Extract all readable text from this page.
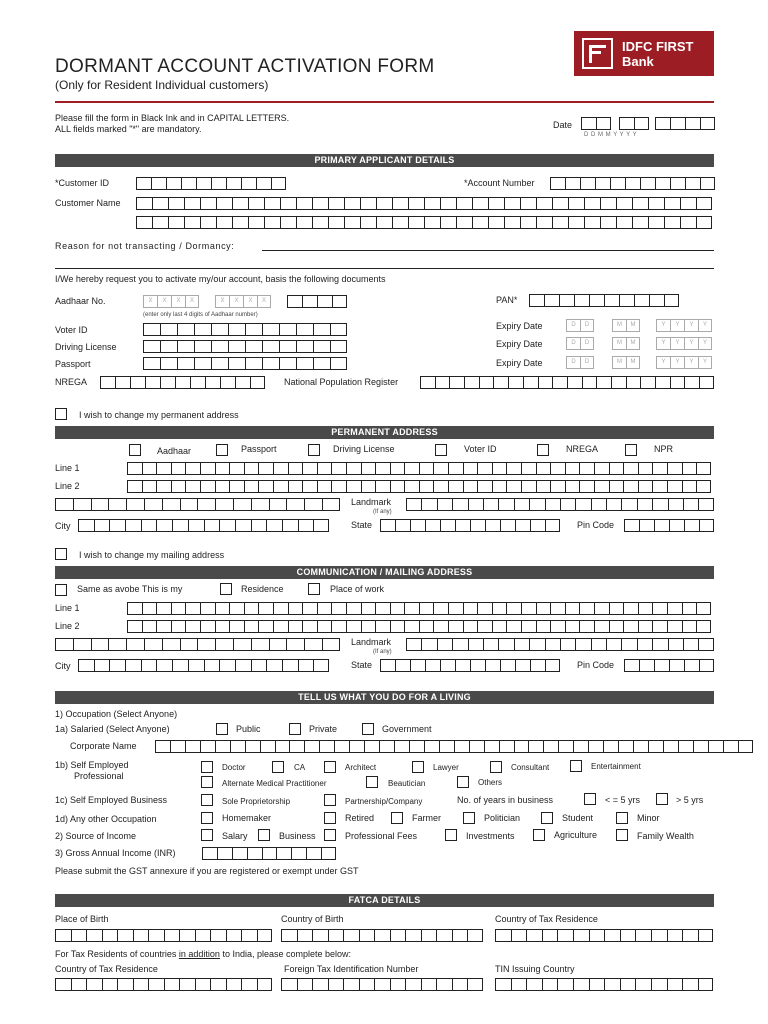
DORMANT ACCOUNT ACTIVATION FORM
(Only for Resident Individual customers)
IDFC FIRST
Bank
Please fill the form in Black Ink and in CAPITAL LETTERS.
ALL fields marked "*" are mandatory.	Date
D D M M Y Y Y Y
PRIMARY APPLICANT DETAILS
*Customer ID	*Account Number
Customer Name
Reason for not transacting / Dormancy:
I/We hereby request you to activate my/our account, basis the following documents
Aadhaar No.	X	X	X	X	X	X	X	X
(enter only last 4 digits of Aadhaar number)
PAN*
Voter ID
Driving License
Passport
Expiry Date	D	D	M	M	Y	Y	Y	Y
Expiry Date	D	D	M	M	Y	Y	Y	Y
Expiry Date	D	D	M	M	Y	Y	Y	Y
NREGA	National Population Register
I wish to change my permanent address
PERMANENT ADDRESS
Aadhaar	Passport	Driving License	Voter ID	NREGA	NPR
Line 1
Line 2
Landmark
(If any)
City	State	Pin Code
I wish to change my mailing address
COMMUNICATION / MAILING ADDRESS
Same as avobe This is my	Residence	Place of work
Line 1
Line 2
Landmark
(If any)
City	State	Pin Code
TELL US WHAT YOU DO FOR A LIVING
1) Occupation (Select Anyone)
1a) Salaried (Select Anyone)	Public	Private	Government
Corporate Name
1b) Self Employed
Professional
Doctor	CA	Architect	Lawyer	Consultant	Entertainment
Alternate Medical Practitioner	Beautician	Others
1c) Self Employed Business	Sole Proprietorship	Partnership/Company	No. of years in business	< = 5 yrs	> 5 yrs
1d) Any other Occupation	Homemaker	Retired	Farmer	Politician	Student	Minor
2) Source of Income	Salary	Business	Professional Fees	Investments	Agriculture	Family Wealth
3) Gross Annual Income (INR)
Please submit the GST annexure if you are registered or exempt under GST
FATCA DETAILS
Place of Birth	Country of Birth	Country of Tax Residence
For Tax Residents of countries in addition to India, please complete below:
Country of Tax Residence	Foreign Tax Identification Number	TIN Issuing Country
